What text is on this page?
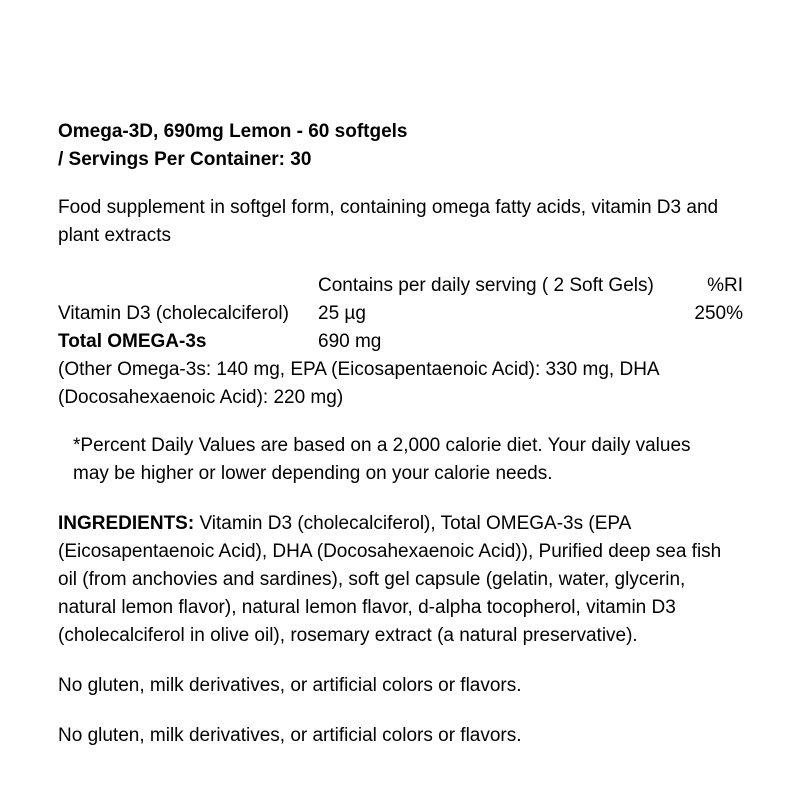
Omega-3D, 690mg Lemon - 60 softgels
/ Servings Per Container: 30

Food supplement in softgel form, containing omega fatty acids, vitamin D3 and plant extracts

	Contains per daily serving ( 2 Soft Gels)	%RI
Vitamin D3 (cholecalciferol)	25 µg	250%
Total OMEGA-3s	690 mg	

(Other Omega-3s: 140 mg, EPA (Eicosapentaenoic Acid): 330 mg, DHA (Docosahexaenoic Acid): 220 mg)

*Percent Daily Values are based on a 2,000 calorie diet. Your daily values may be higher or lower depending on your calorie needs.

INGREDIENTS: Vitamin D3 (cholecalciferol), Total OMEGA-3s (EPA (Eicosapentaenoic Acid), DHA (Docosahexaenoic Acid)), Purified deep sea fish oil (from anchovies and sardines), soft gel capsule (gelatin, water, glycerin, natural lemon flavor), natural lemon flavor, d-alpha tocopherol, vitamin D3 (cholecalciferol in olive oil), rosemary extract (a natural preservative).

No gluten, milk derivatives, or artificial colors or flavors.

No gluten, milk derivatives, or artificial colors or flavors.
